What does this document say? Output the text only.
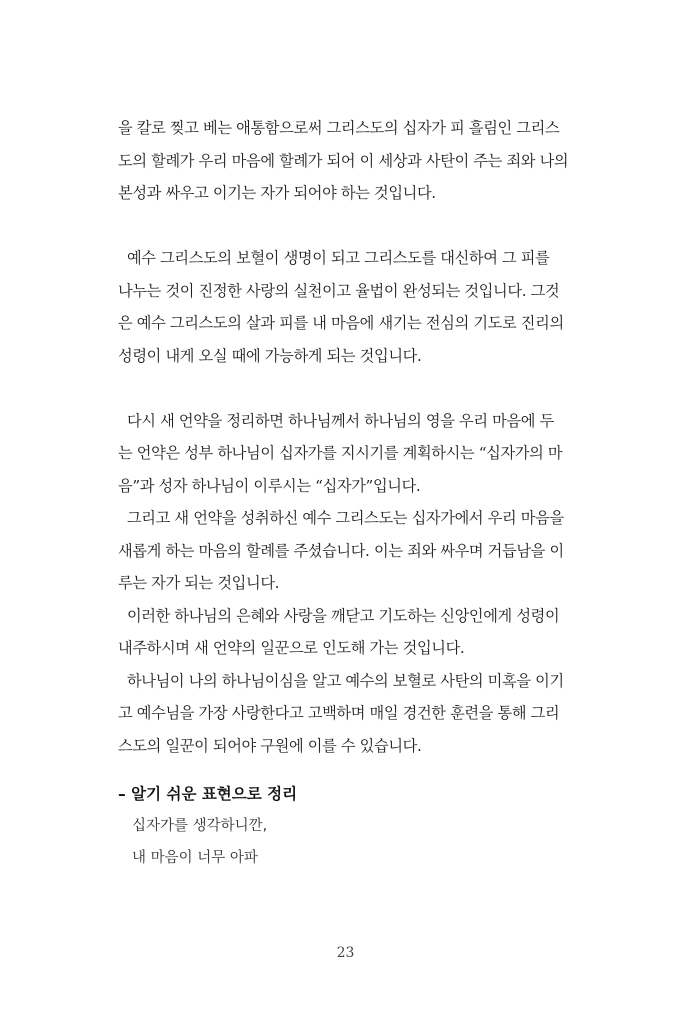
을 칼로 찢고 베는 애통함으로써 그리스도의 십자가 피 흘림인 그리스
도의 할례가 우리 마음에 할례가 되어 이 세상과 사탄이 주는 죄와 나의
본성과 싸우고 이기는 자가 되어야 하는 것입니다.
예수 그리스도의 보혈이 생명이 되고 그리스도를 대신하여 그 피를
나누는 것이 진정한 사랑의 실천이고 율법이 완성되는 것입니다. 그것
은 예수 그리스도의 살과 피를 내 마음에 새기는 전심의 기도로 진리의
성령이 내게 오실 때에 가능하게 되는 것입니다.
다시 새 언약을 정리하면 하나님께서 하나님의 영을 우리 마음에 두
는 언약은 성부 하나님이 십자가를 지시기를 계획하시는 “십자가의 마
음”과 성자 하나님이 이루시는 “십자가”입니다.
그리고 새 언약을 성취하신 예수 그리스도는 십자가에서 우리 마음을
새롭게 하는 마음의 할례를 주셨습니다. 이는 죄와 싸우며 거듭남을 이
루는 자가 되는 것입니다.
이러한 하나님의 은혜와 사랑을 깨닫고 기도하는 신앙인에게 성령이
내주하시며 새 언약의 일꾼으로 인도해 가는 것입니다.
하나님이 나의 하나님이심을 알고 예수의 보혈로 사탄의 미혹을 이기
고 예수님을 가장 사랑한다고 고백하며 매일 경건한 훈련을 통해 그리
스도의 일꾼이 되어야 구원에 이를 수 있습니다.
– 알기 쉬운 표현으로 정리
십자가를 생각하니깐,
내 마음이 너무 아파
23
